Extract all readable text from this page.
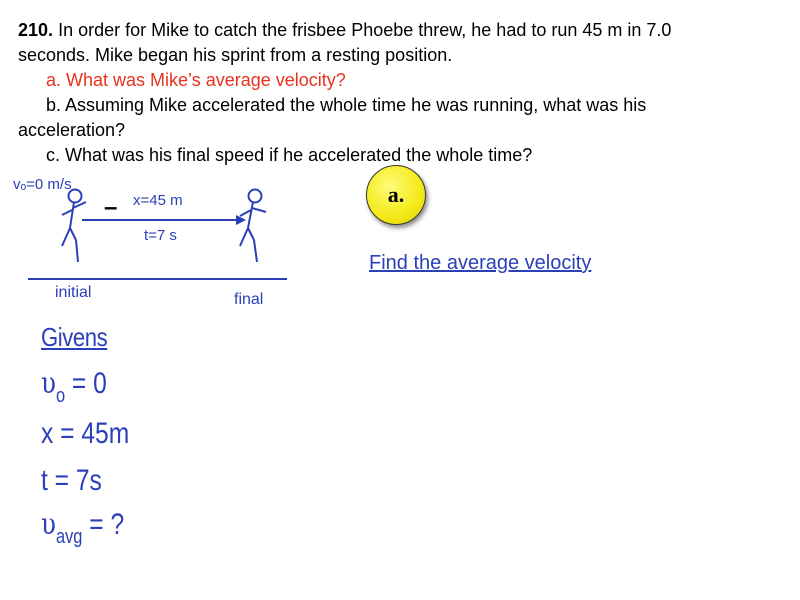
210. In order for Mike to catch the frisbee Phoebe threw, he had to run 45 m in 7.0

seconds. Mike began his sprint from a resting position.

a. What was Mike’s average velocity?

b. Assuming Mike accelerated the whole time he was running, what was his

acceleration?

c. What was his final speed if he accelerated the whole time?

a.
Find the average velocity
vₒ=0 m/s
– x=45 m
t=7 s
initial	final
Givens
$\upsilon_o = 0$
x = 45m
t = 7s
$\upsilon_{avg}$ = ?
